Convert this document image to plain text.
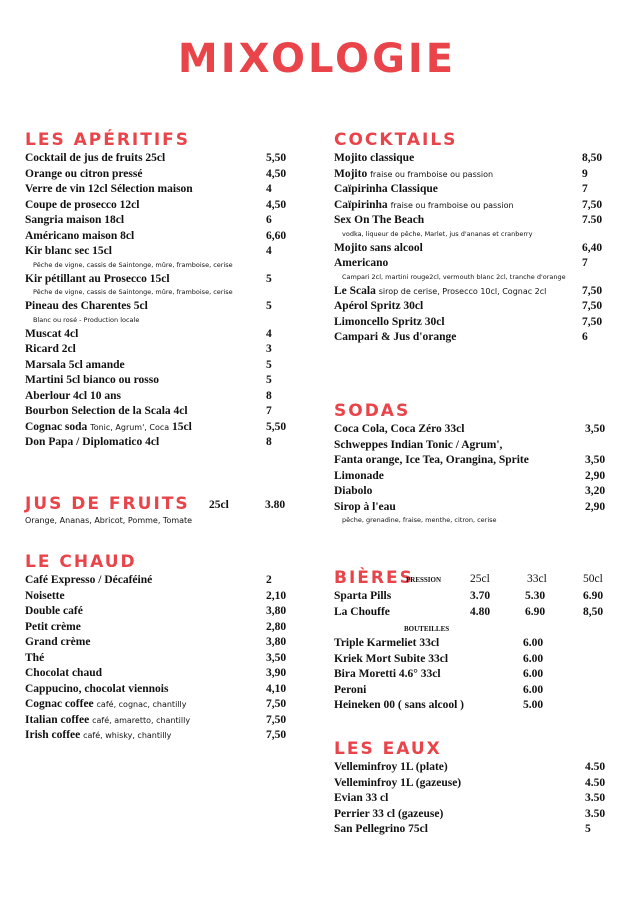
MIXOLOGIE
LES APÉRITIFS
Cocktail de jus de fruits 25cl	5,50
Orange ou citron pressé	4,50
Verre de vin 12cl Sélection maison	4
Coupe de prosecco 12cl	4,50
Sangria maison 18cl	6
Américano maison 8cl	6,60
Kir blanc sec 15cl	4
Pêche de vigne, cassis de Saintonge, mûre, framboise, cerise
Kir pétillant au Prosecco 15cl	5
Pêche de vigne, cassis de Saintonge, mûre, framboise, cerise
Pineau des Charentes 5cl	5
Blanc ou rosé - Production locale
Muscat 4cl	4
Ricard 2cl	3
Marsala 5cl amande	5
Martini 5cl bianco ou rosso	5
Aberlour 4cl 10 ans	8
Bourbon Selection de la Scala 4cl	7
Cognac soda Tonic, Agrum', Coca 15cl	5,50
Don Papa / Diplomatico 4cl	8
JUS DE FRUITS 25cl	3.80
Orange, Ananas, Abricot, Pomme, Tomate
LE CHAUD
Café Expresso / Décaféiné	2
Noisette	2,10
Double café	3,80
Petit crème	2,80
Grand crème	3,80
Thé	3,50
Chocolat chaud	3,90
Cappucino, chocolat viennois	4,10
Cognac coffee café, cognac, chantilly	7,50
Italian coffee café, amaretto, chantilly	7,50
Irish coffee café, whisky, chantilly	7,50
COCKTAILS
Mojito classique	8,50
Mojito fraise ou framboise ou passion	9
Caïpirinha Classique	7
Caïpirinha fraise ou framboise ou passion	7,50
Sex On The Beach	7.50
vodka, liqueur de pêche, Marlet, jus d'ananas et cranberry
Mojito sans alcool	6,40
Americano	7
Campari 2cl, martini rouge2cl, vermouth blanc 2cl, tranche d'orange
Le Scala sirop de cerise, Prosecco 10cl, Cognac 2cl	7,50
Apérol Spritz 30cl	7,50
Limoncello Spritz 30cl	7,50
Campari & Jus d'orange	6
SODAS
Coca Cola, Coca Zéro 33cl	3,50
Schweppes Indian Tonic / Agrum',
Fanta orange, Ice Tea, Orangina, Sprite	3,50
Limonade	2,90
Diabolo	3,20
Sirop à l'eau	2,90
pêche, grenadine, fraise, menthe, citron, cerise
BIÈRES
PRESSION	25cl	33cl	50cl
Sparta Pills	3.70	5.30	6.90
La Chouffe	4.80	6.90	8,50
BOUTEILLES
Triple Karmeliet 33cl	6.00
Kriek Mort Subite 33cl	6.00
Bira Moretti 4.6° 33cl	6.00
Peroni	6.00
Heineken 00 ( sans alcool )	5.00
LES EAUX
Velleminfroy 1L (plate)	4.50
Velleminfroy 1L (gazeuse)	4.50
Evian 33 cl	3.50
Perrier 33 cl (gazeuse)	3.50
San Pellegrino 75cl	5
